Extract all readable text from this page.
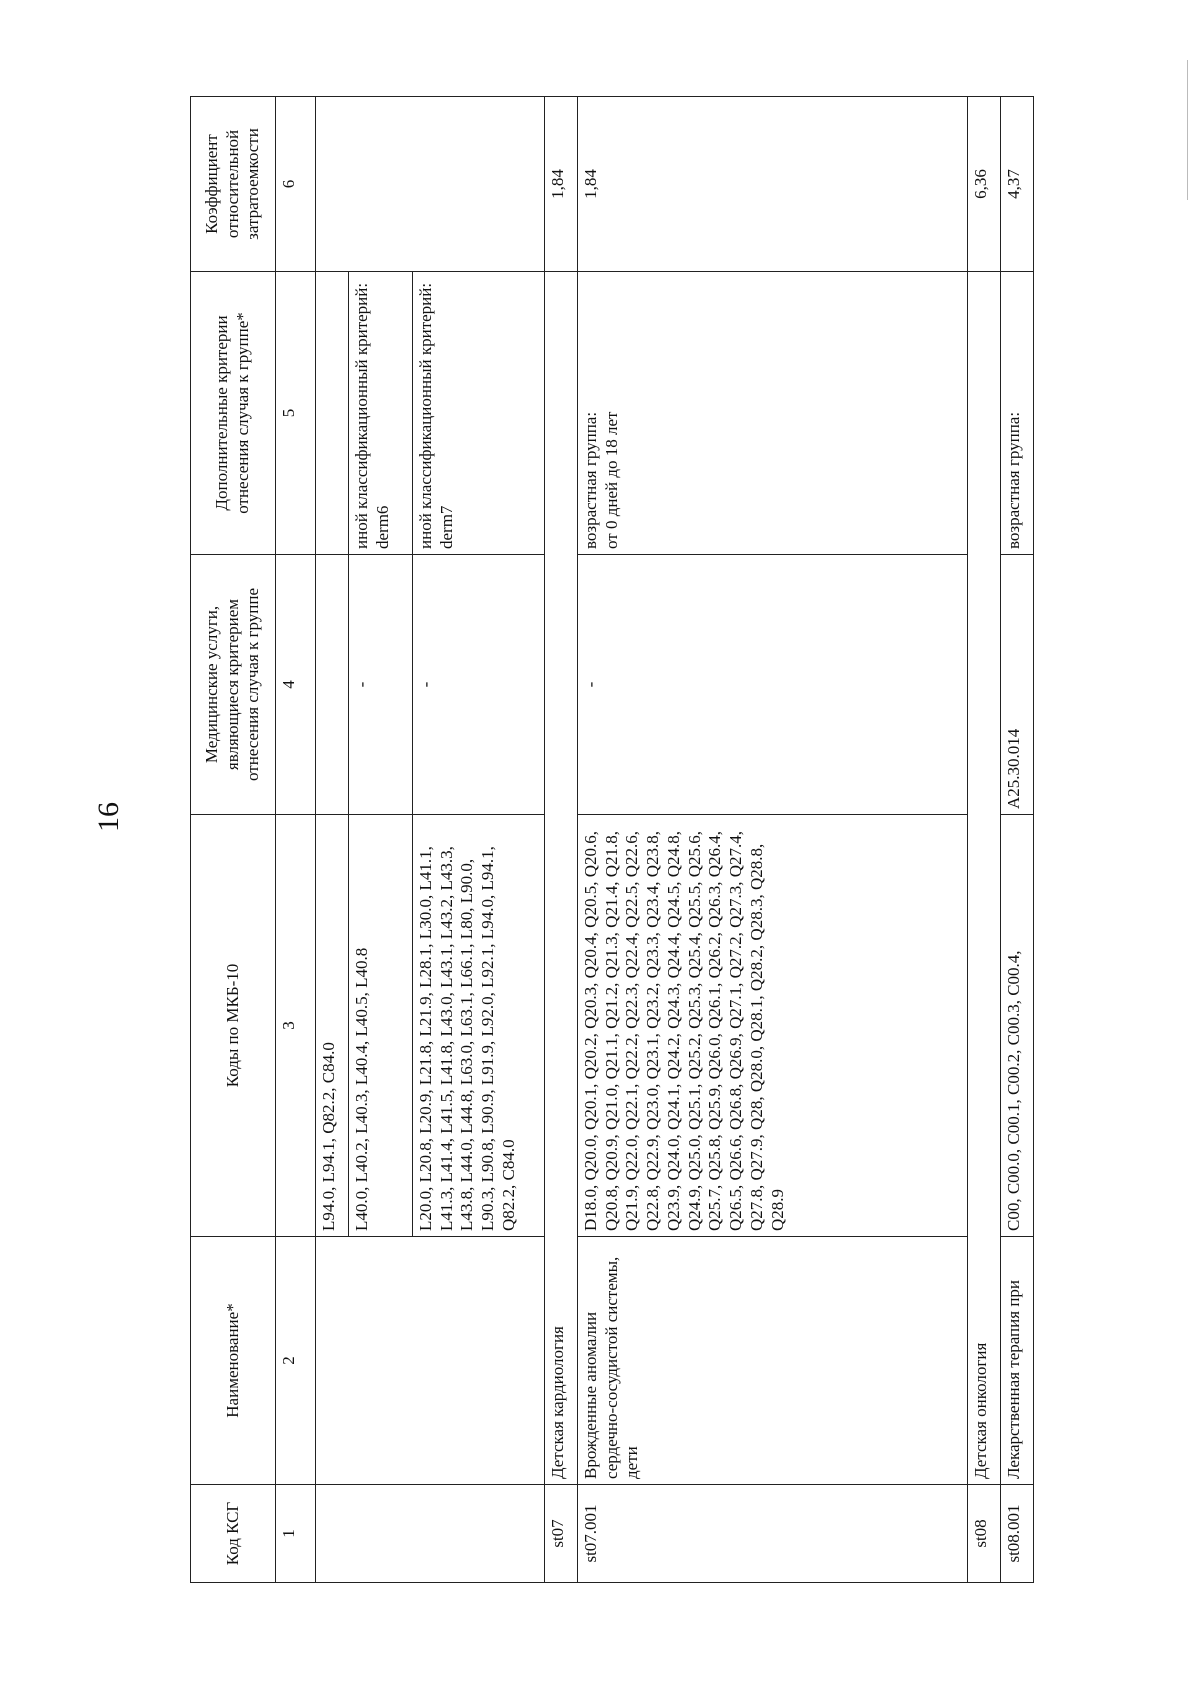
16
Код КСГ	Наименование*	Коды по МКБ-10	Медицинские услуги, являющиеся критерием отнесения случая к группе	Дополнительные критерии отнесения случая к группе*	Коэффициент относительной затратоемкости
1	2	3	4	5	6
		L94.0, L94.1, Q82.2, C84.0			
		L40.0, L40.2, L40.3, L40.4, L40.5, L40.8	-	иной классификационный критерий: derm6	
		L20.0, L20.8, L20.9, L21.8, L21.9, L28.1, L30.0, L41.1, L41.3, L41.4, L41.5, L41.8, L43.0, L43.1, L43.2, L43.3, L43.8, L44.0, L44.8, L63.0, L63.1, L66.1, L80, L90.0, L90.3, L90.8, L90.9, L91.9, L92.0, L92.1, L94.0, L94.1, Q82.2, C84.0	-	иной классификационный критерий: derm7	
st07	Детская кардиология				1,84
st07.001	Врожденные аномалии сердечно-сосудистой системы, дети	D18.0, Q20.0, Q20.1, Q20.2, Q20.3, Q20.4, Q20.5, Q20.6, Q20.8, Q20.9, Q21.0, Q21.1, Q21.2, Q21.3, Q21.4, Q21.8, Q21.9, Q22.0, Q22.1, Q22.2, Q22.3, Q22.4, Q22.5, Q22.6, Q22.8, Q22.9, Q23.0, Q23.1, Q23.2, Q23.3, Q23.4, Q23.8, Q23.9, Q24.0, Q24.1, Q24.2, Q24.3, Q24.4, Q24.5, Q24.8, Q24.9, Q25.0, Q25.1, Q25.2, Q25.3, Q25.4, Q25.5, Q25.6, Q25.7, Q25.8, Q25.9, Q26.0, Q26.1, Q26.2, Q26.3, Q26.4, Q26.5, Q26.6, Q26.8, Q26.9, Q27.1, Q27.2, Q27.3, Q27.4, Q27.8, Q27.9, Q28, Q28.0, Q28.1, Q28.2, Q28.3, Q28.8, Q28.9	-	возрастная группа: от 0 дней до 18 лет	1,84
st08	Детская онкология				6,36
st08.001	Лекарственная терапия при	C00, C00.0, C00.1, C00.2, C00.3, C00.4,	A25.30.014	возрастная группа:	4,37
